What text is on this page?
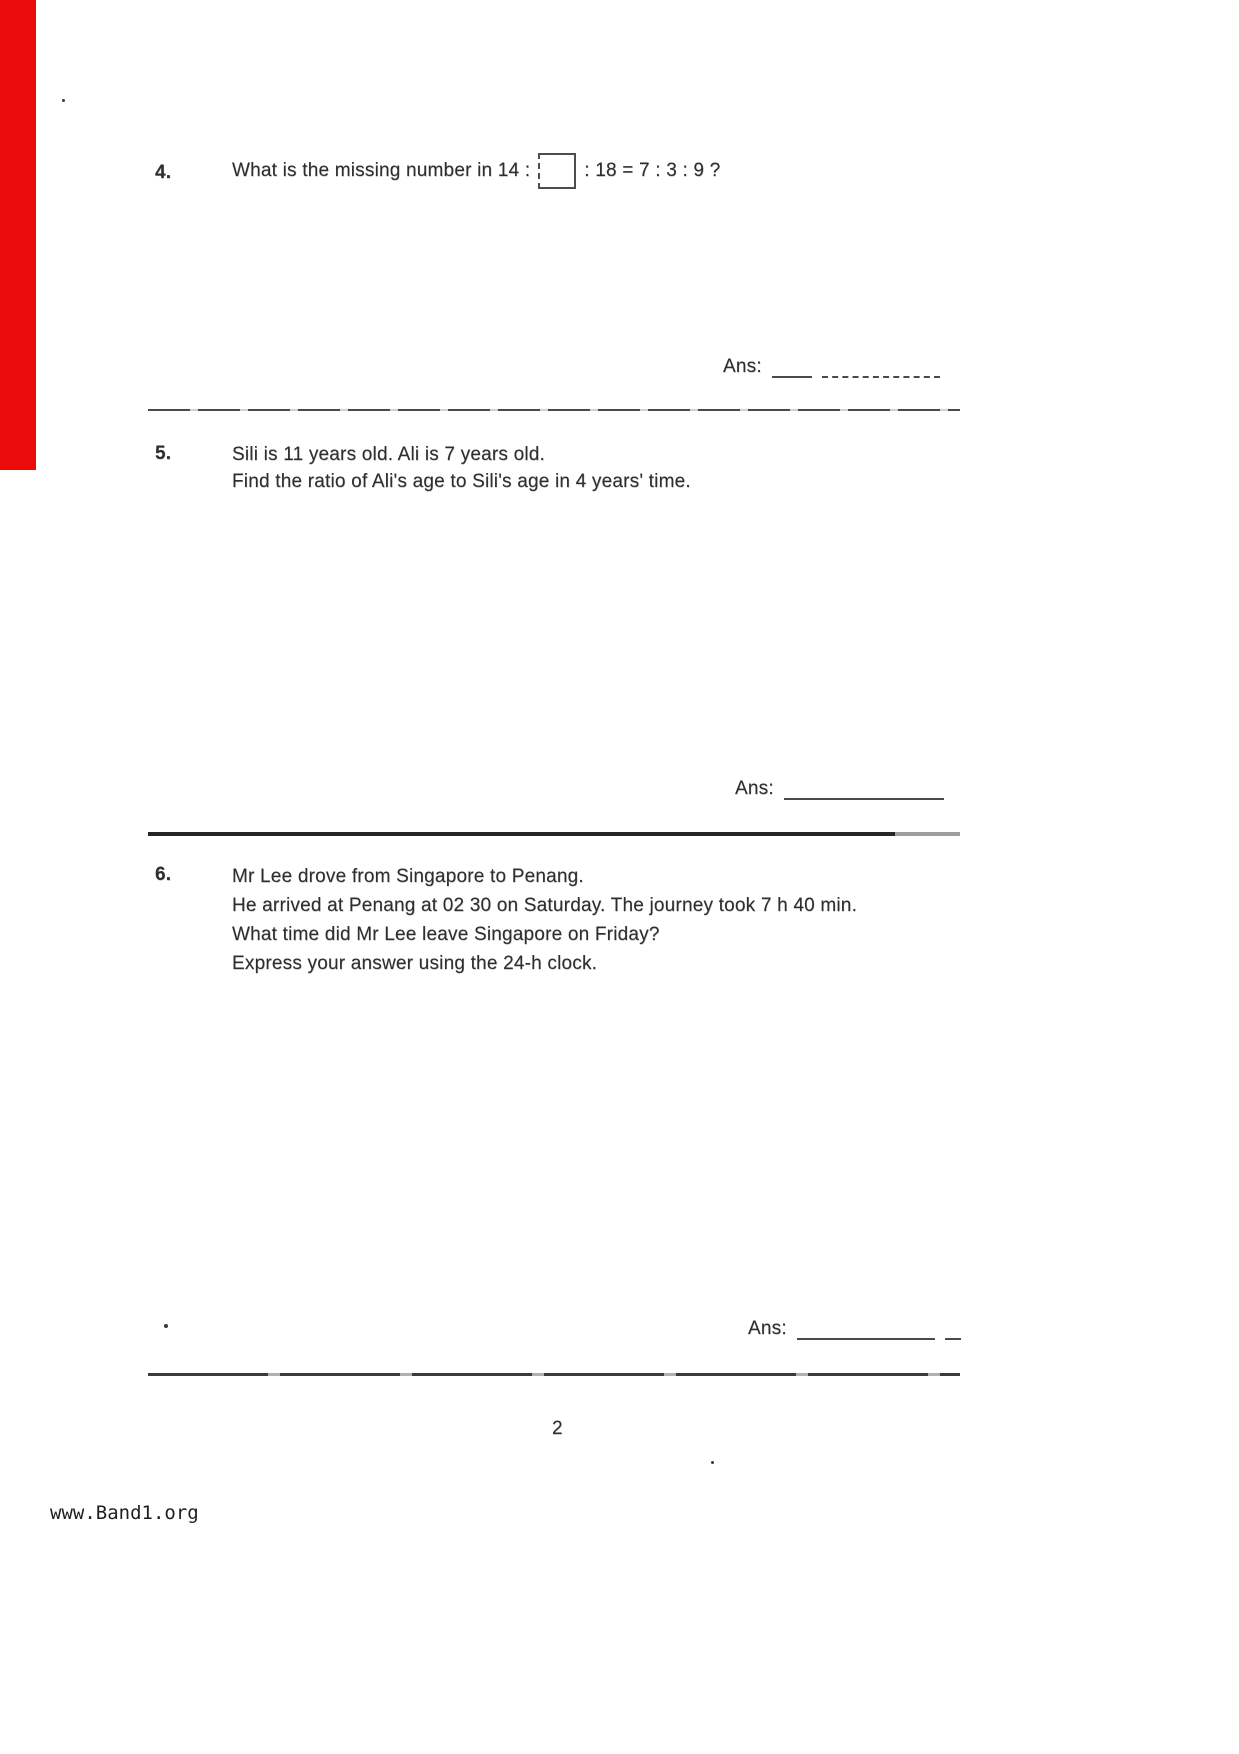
4.	What is the missing number in 14 :	: 18 = 7 : 3 : 9 ?
Ans:
5.	Sili is 11 years old. Ali is 7 years old.
Find the ratio of Ali's age to Sili's age in 4 years' time.
Ans:
6.	Mr Lee drove from Singapore to Penang.
He arrived at Penang at 02 30 on Saturday. The journey took 7 h 40 min.
What time did Mr Lee leave Singapore on Friday?
Express your answer using the 24-h clock.
Ans:
2
www.Band1.org
